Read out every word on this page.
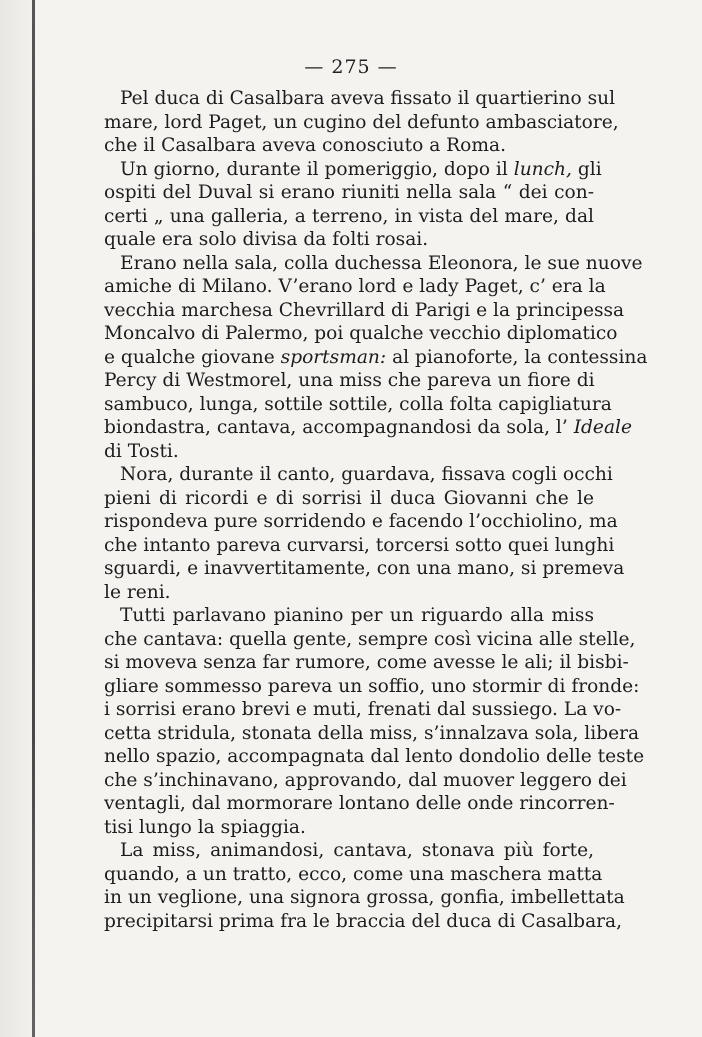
— 275 —
Pel duca di Casalbara aveva fissato il quartierino sul
mare, lord Paget, un cugino del defunto ambasciatore,
che il Casalbara aveva conosciuto a Roma.
Un giorno, durante il pomeriggio, dopo il lunch, gli
ospiti del Duval si erano riuniti nella sala “ dei con-
certi „ una galleria, a terreno, in vista del mare, dal
quale era solo divisa da folti rosai.
Erano nella sala, colla duchessa Eleonora, le sue nuove
amiche di Milano. V’erano lord e lady Paget, c’ era la
vecchia marchesa Chevrillard di Parigi e la principessa
Moncalvo di Palermo, poi qualche vecchio diplomatico
e qualche giovane sportsman: al pianoforte, la contessina
Percy di Westmorel, una miss che pareva un fiore di
sambuco, lunga, sottile sottile, colla folta capigliatura
biondastra, cantava, accompagnandosi da sola, l’ Ideale
di Tosti.
Nora, durante il canto, guardava, fissava cogli occhi
pieni di ricordi e di sorrisi il duca Giovanni che le
rispondeva pure sorridendo e facendo l’occhiolino, ma
che intanto pareva curvarsi, torcersi sotto quei lunghi
sguardi, e inavvertitamente, con una mano, si premeva
le reni.
Tutti parlavano pianino per un riguardo alla miss
che cantava: quella gente, sempre così vicina alle stelle,
si moveva senza far rumore, come avesse le ali; il bisbi-
gliare sommesso pareva un soffio, uno stormir di fronde:
i sorrisi erano brevi e muti, frenati dal sussiego. La vo-
cetta stridula, stonata della miss, s’innalzava sola, libera
nello spazio, accompagnata dal lento dondolio delle teste
che s’inchinavano, approvando, dal muover leggero dei
ventagli, dal mormorare lontano delle onde rincorren-
tisi lungo la spiaggia.
La miss, animandosi, cantava, stonava più forte,
quando, a un tratto, ecco, come una maschera matta
in un veglione, una signora grossa, gonfia, imbellettata
precipitarsi prima fra le braccia del duca di Casalbara,
